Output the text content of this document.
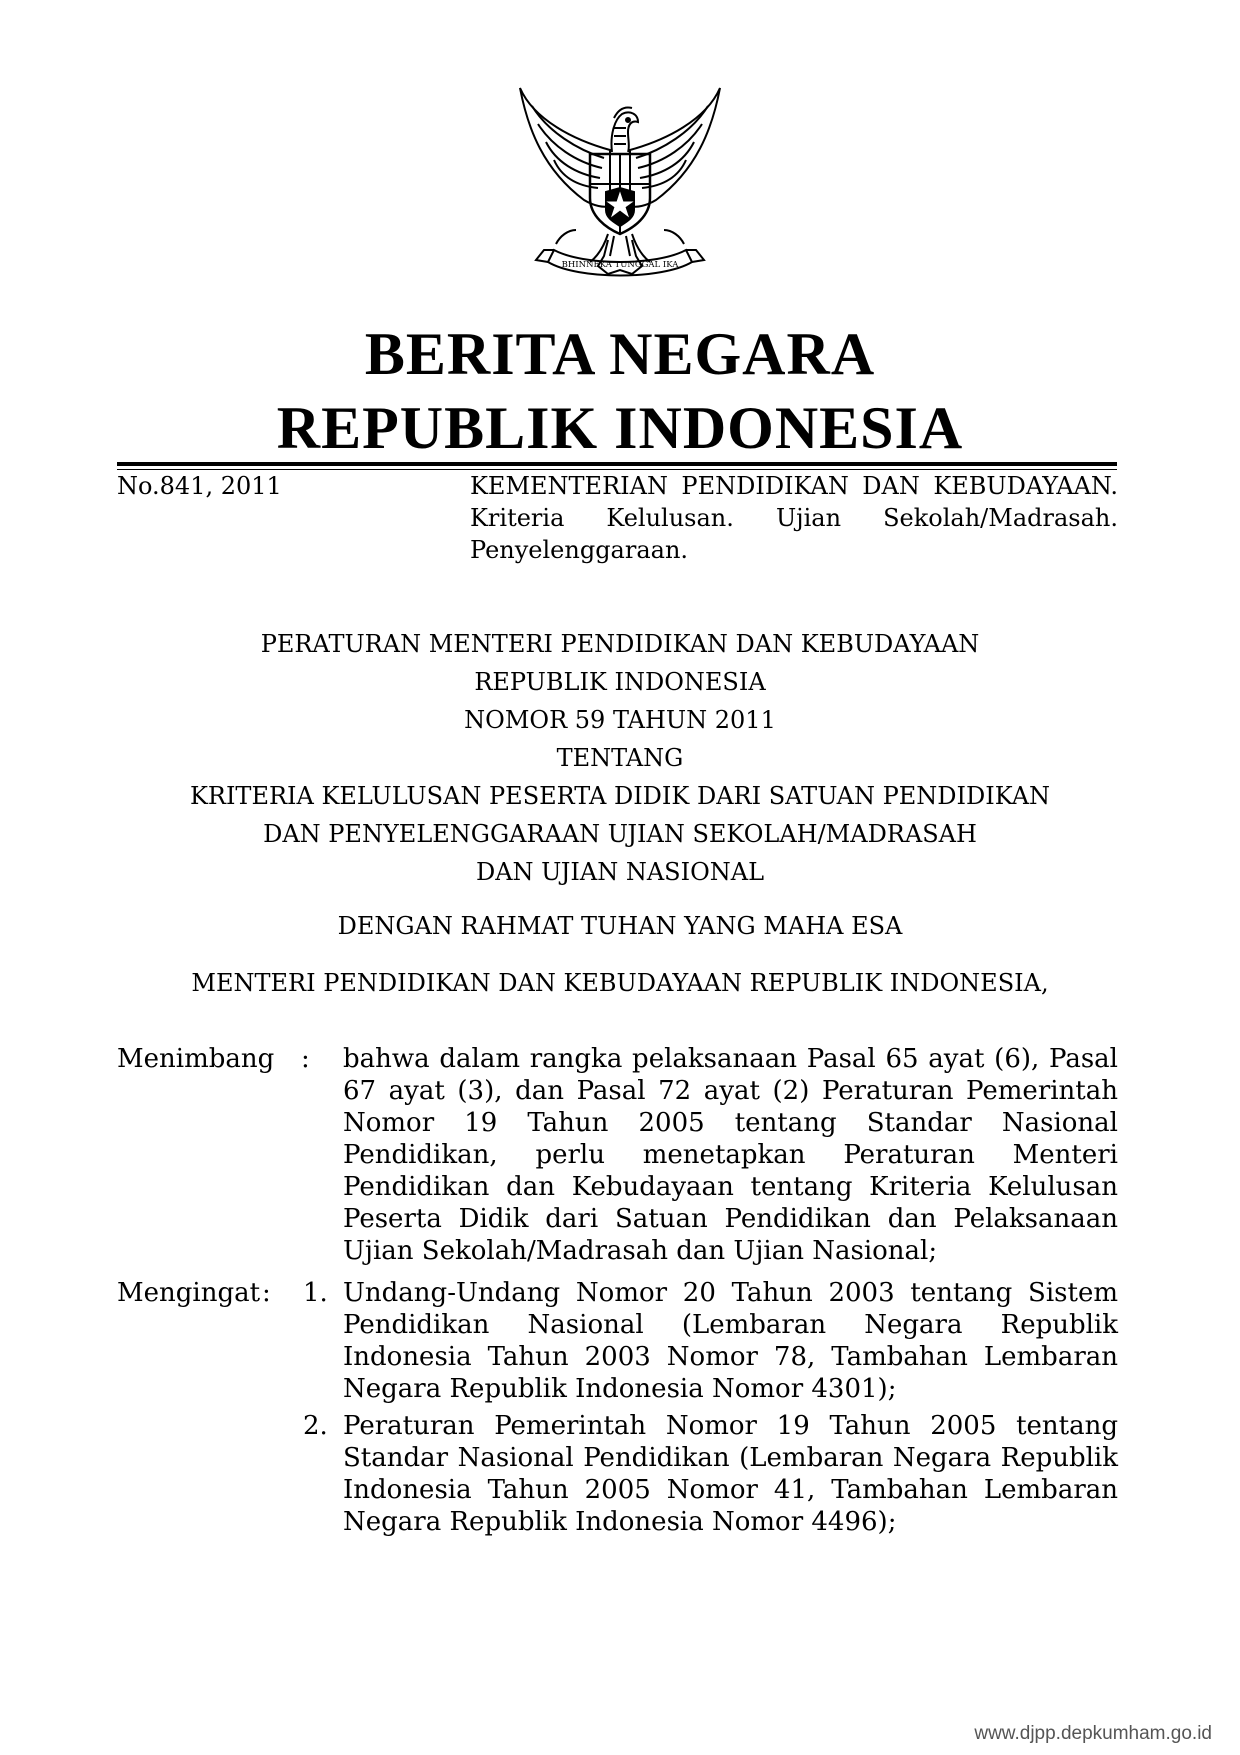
BHINNEKA TUNGGAL IKA
BERITA NEGARA
REPUBLIK INDONESIA
No.841, 2011	KEMENTERIAN PENDIDIKAN DAN KEBUDAYAAN. Kriteria Kelulusan. Ujian Sekolah/Madrasah. Penyelenggaraan.
PERATURAN MENTERI PENDIDIKAN DAN KEBUDAYAAN
REPUBLIK INDONESIA
NOMOR 59 TAHUN 2011
TENTANG
KRITERIA KELULUSAN PESERTA DIDIK DARI SATUAN PENDIDIKAN
DAN PENYELENGGARAAN UJIAN SEKOLAH/MADRASAH
DAN UJIAN NASIONAL
DENGAN RAHMAT TUHAN YANG MAHA ESA
MENTERI PENDIDIKAN DAN KEBUDAYAAN REPUBLIK INDONESIA,
Menimbang : bahwa dalam rangka pelaksanaan Pasal 65 ayat (6), Pasal 67 ayat (3), dan Pasal 72 ayat (2) Peraturan Pemerintah Nomor 19 Tahun 2005 tentang Standar Nasional Pendidikan, perlu menetapkan Peraturan Menteri Pendidikan dan Kebudayaan tentang Kriteria Kelulusan Peserta Didik dari Satuan Pendidikan dan Pelaksanaan Ujian Sekolah/Madrasah dan Ujian Nasional;
Mengingat : 1. Undang-Undang Nomor 20 Tahun 2003 tentang Sistem Pendidikan Nasional (Lembaran Negara Republik Indonesia Tahun 2003 Nomor 78, Tambahan Lembaran Negara Republik Indonesia Nomor 4301);
2. Peraturan Pemerintah Nomor 19 Tahun 2005 tentang Standar Nasional Pendidikan (Lembaran Negara Republik Indonesia Tahun 2005 Nomor 41, Tambahan Lembaran Negara Republik Indonesia Nomor 4496);
www.djpp.depkumham.go.id
